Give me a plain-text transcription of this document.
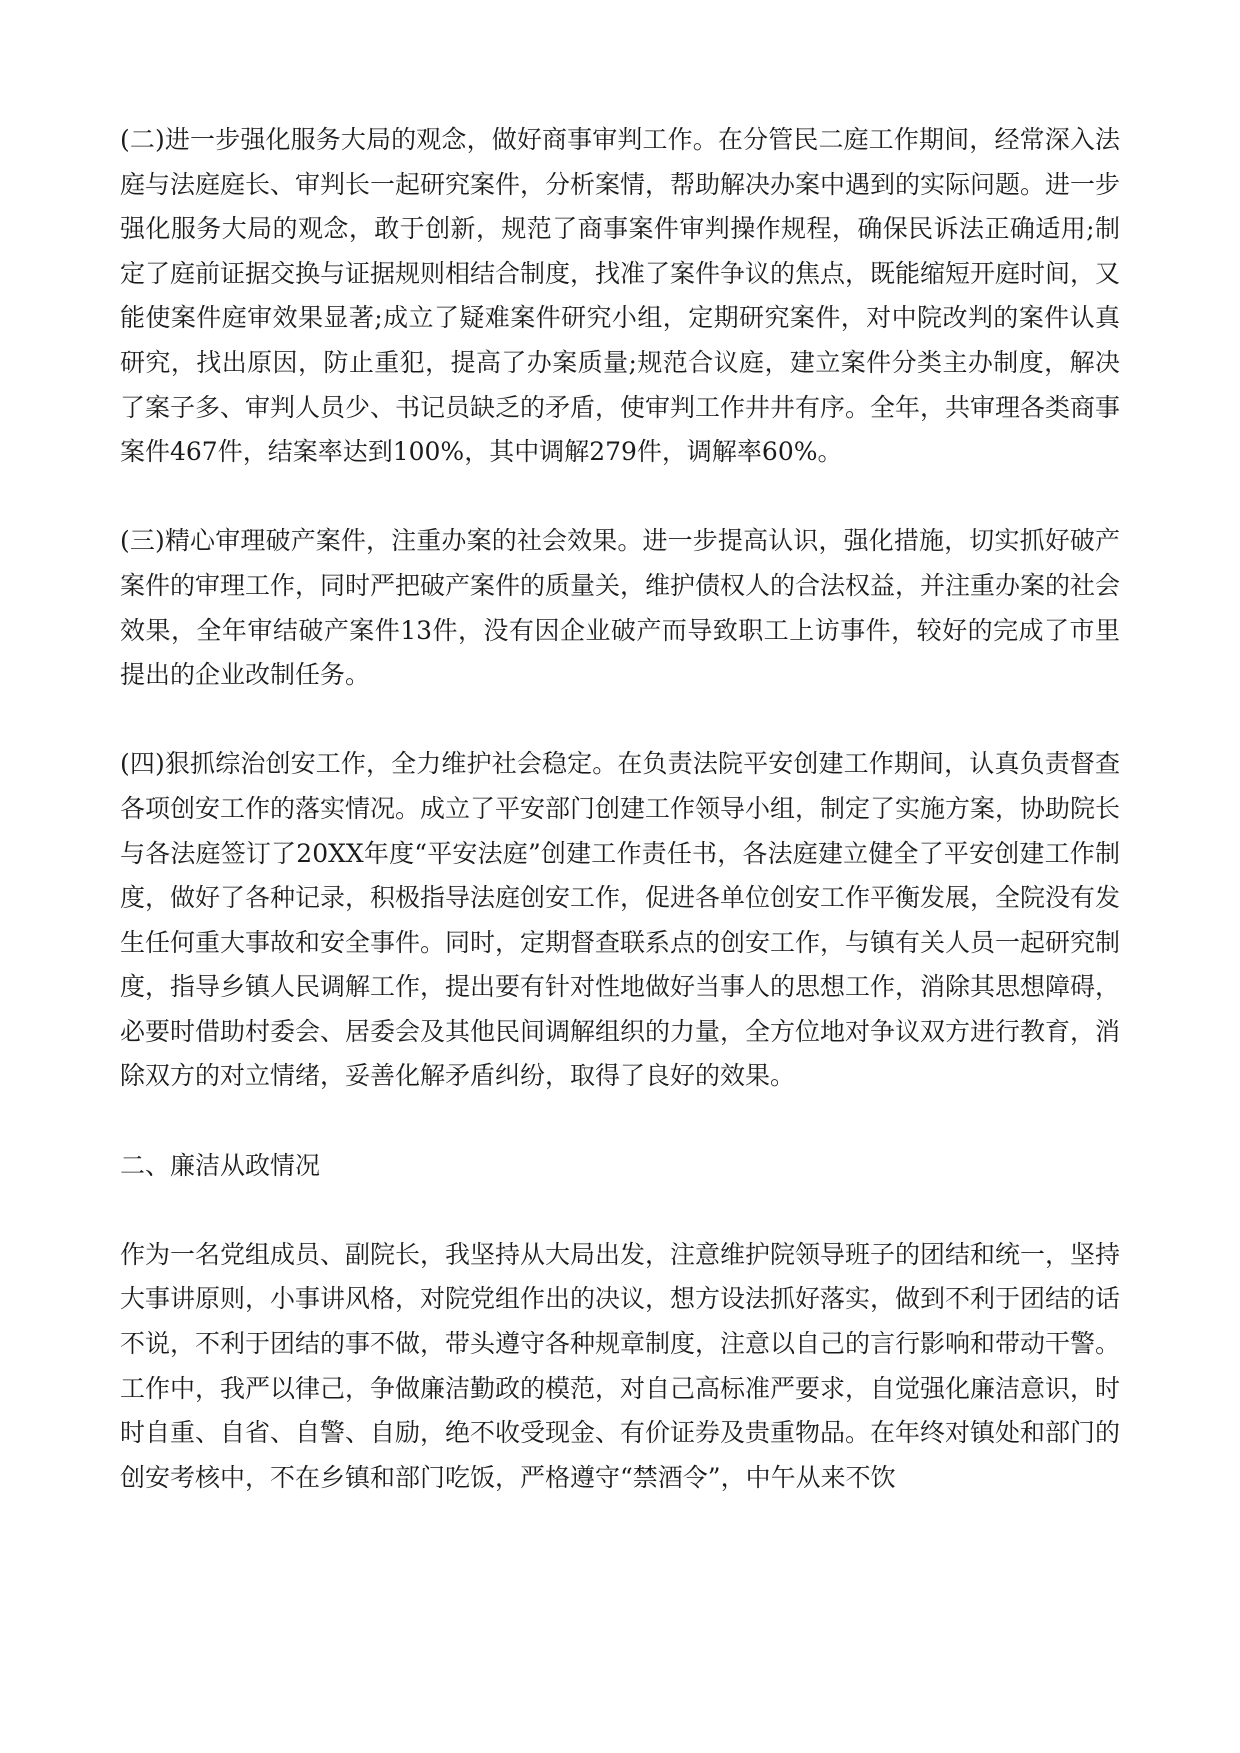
(二)进一步强化服务大局的观念，做好商事审判工作。在分管民二庭工作期间，经常深入法庭与法庭庭长、审判长一起研究案件，分析案情，帮助解决办案中遇到的实际问题。进一步强化服务大局的观念，敢于创新，规范了商事案件审判操作规程，确保民诉法正确适用;制定了庭前证据交换与证据规则相结合制度，找准了案件争议的焦点，既能缩短开庭时间，又能使案件庭审效果显著;成立了疑难案件研究小组，定期研究案件，对中院改判的案件认真研究，找出原因，防止重犯，提高了办案质量;规范合议庭，建立案件分类主办制度，解决了案子多、审判人员少、书记员缺乏的矛盾，使审判工作井井有序。全年，共审理各类商事案件467件，结案率达到100%，其中调解279件，调解率60%。

(三)精心审理破产案件，注重办案的社会效果。进一步提高认识，强化措施，切实抓好破产案件的审理工作，同时严把破产案件的质量关，维护债权人的合法权益，并注重办案的社会效果，全年审结破产案件13件，没有因企业破产而导致职工上访事件，较好的完成了市里提出的企业改制任务。

(四)狠抓综治创安工作，全力维护社会稳定。在负责法院平安创建工作期间，认真负责督查各项创安工作的落实情况。成立了平安部门创建工作领导小组，制定了实施方案，协助院长与各法庭签订了20XX年度“平安法庭”创建工作责任书，各法庭建立健全了平安创建工作制度，做好了各种记录，积极指导法庭创安工作，促进各单位创安工作平衡发展，全院没有发生任何重大事故和安全事件。同时，定期督查联系点的创安工作，与镇有关人员一起研究制度，指导乡镇人民调解工作，提出要有针对性地做好当事人的思想工作，消除其思想障碍，必要时借助村委会、居委会及其他民间调解组织的力量，全方位地对争议双方进行教育，消除双方的对立情绪，妥善化解矛盾纠纷，取得了良好的效果。

二、廉洁从政情况

作为一名党组成员、副院长，我坚持从大局出发，注意维护院领导班子的团结和统一，坚持大事讲原则，小事讲风格，对院党组作出的决议，想方设法抓好落实，做到不利于团结的话不说，不利于团结的事不做，带头遵守各种规章制度，注意以自己的言行影响和带动干警。工作中，我严以律己，争做廉洁勤政的模范，对自己高标准严要求，自觉强化廉洁意识，时时自重、自省、自警、自励，绝不收受现金、有价证券及贵重物品。在年终对镇处和部门的创安考核中，不在乡镇和部门吃饭，严格遵守“禁酒令”，中午从来不饮
